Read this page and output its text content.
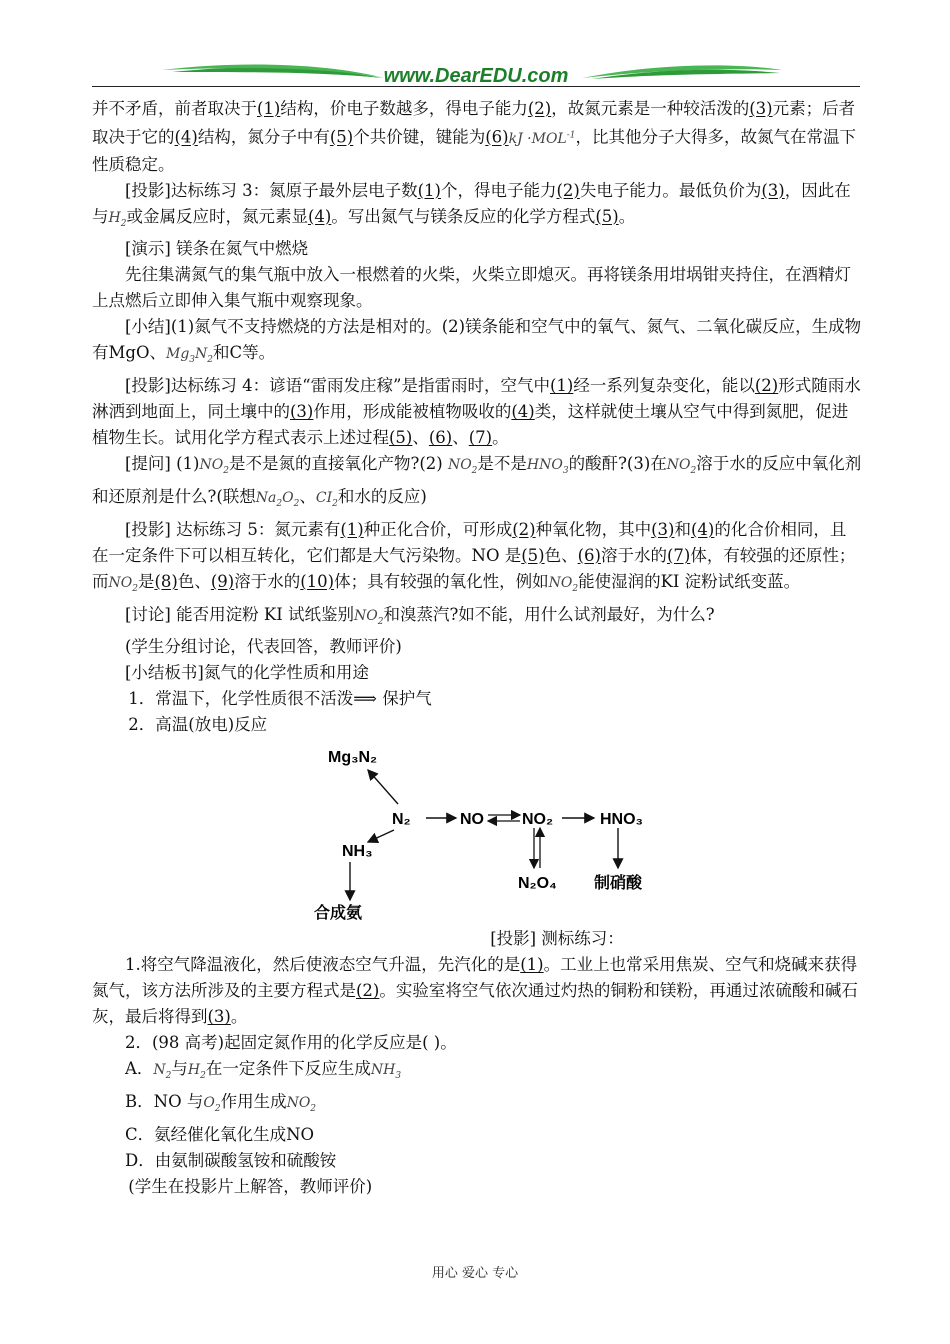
www.DearEDU.com

并不矛盾，前者取决于(1)结构，价电子数越多，得电子能力(2)，故氮元素是一种较活泼的(3)元素；后者取决于它的(4)结构，氮分子中有(5)个共价键，键能为$(6)kJ \cdot MOL^{-1}$，比其他分子大得多，故氮气在常温下性质稳定。

[投影]达标练习 3：氮原子最外层电子数(1)个，得电子能力(2)失电子能力。最低负价为(3)，因此在与$H_2$或金属反应时，氮元素显(4)。写出氮气与镁条反应的化学方程式(5)。

[演示] 镁条在氮气中燃烧

先往集满氮气的集气瓶中放入一根燃着的火柴，火柴立即熄灭。再将镁条用坩埚钳夹持住，在酒精灯上点燃后立即伸入集气瓶中观察现象。

[小结](1)氮气不支持燃烧的方法是相对的。(2)镁条能和空气中的氧气、氮气、二氧化碳反应，生成物有MgO、$Mg_3N_2$和C等。

[投影]达标练习 4：谚语“雷雨发庄稼”是指雷雨时，空气中(1)经一系列复杂变化，能以(2)形式随雨水淋洒到地面上，同土壤中的(3)作用，形成能被植物吸收的(4)类，这样就使土壤从空气中得到氮肥，促进植物生长。试用化学方程式表示上述过程(5)、(6)、(7)。

[提问] $(1)NO_2$是不是氮的直接氧化产物?(2) $NO_2$是不是$HNO_3$的酸酐?(3)在$NO_2$溶于水的反应中氧化剂和还原剂是什么?(联想$Na_2O_2$、$CI_2$和水的反应)

[投影] 达标练习 5：氮元素有(1)种正化合价，可形成(2)种氧化物，其中(3)和(4)的化合价相同，且在一定条件下可以相互转化，它们都是大气污染物。NO 是(5)色、(6)溶于水的(7)体，有较强的还原性；而$NO_2$是(8)色、(9)溶于水的(10)体；具有较强的氧化性，例如$NO_2$能使湿润的KI 淀粉试纸变蓝。

[讨论] 能否用淀粉 KI 试纸鉴别$NO_2$和溴蒸汽?如不能，用什么试剂最好，为什么?

(学生分组讨论，代表回答，教师评价)

[小结板书]氮气的化学性质和用途

1．常温下，化学性质很不活泼⟹ 保护气

2．高温(放电)反应

Mg₃N₂
N₂	NO NO₂	HNO₃
NH₃
N₂O₄ 制硝酸
合成氨

[投影] 测标练习：

1.将空气降温液化，然后使液态空气升温，先汽化的是(1)。工业上也常采用焦炭、空气和烧碱来获得氮气，该方法所涉及的主要方程式是(2)。实验室将空气依次通过灼热的铜粉和镁粉，再通过浓硫酸和碱石灰，最后将得到(3)。

2．(98 高考)起固定氮作用的化学反应是( )。

A．$N_2$与$H_2$在一定条件下反应生成$NH_3$

B．NO 与$O_2$作用生成$NO_2$

C．氨经催化氧化生成NO

D．由氨制碳酸氢铵和硫酸铵

(学生在投影片上解答，教师评价)

用心 爱心 专心
